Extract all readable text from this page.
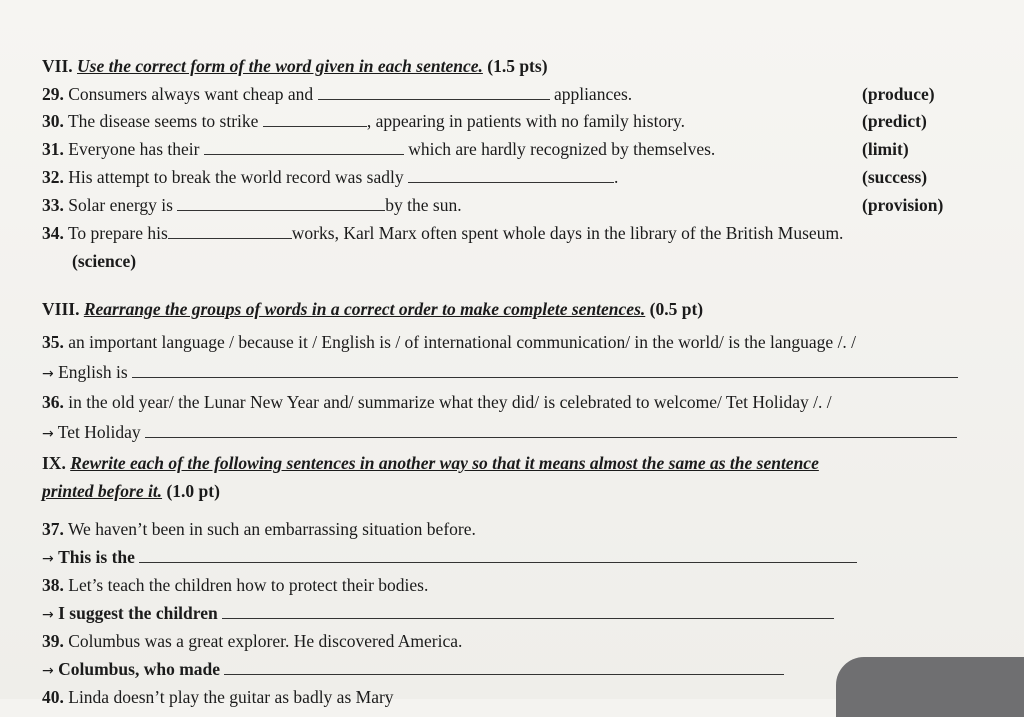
VII. Use the correct form of the word given in each sentence. (1.5 pts)
29. Consumers always want cheap and	appliances.	(produce)
30. The disease seems to strike	, appearing in patients with no family history.	(predict)
31. Everyone has their	which are hardly recognized by themselves.	(limit)
32. His attempt to break the world record was sadly	.	(success)
33. Solar energy is	by the sun.	(provision)
34. To prepare his	works, Karl Marx often spent whole days in the library of the British Museum.
(science)
VIII. Rearrange the groups of words in a correct order to make complete sentences. (0.5 pt)
35. an important language / because it / English is / of international communication/ in the world/ is the language /. /
→ English is
36. in the old year/ the Lunar New Year and/ summarize what they did/ is celebrated to welcome/ Tet Holiday /. /
→ Tet Holiday
IX. Rewrite each of the following sentences in another way so that it means almost the same as the sentence
printed before it. (1.0 pt)
37. We haven’t been in such an embarrassing situation before.
→ This is the
38. Let’s teach the children how to protect their bodies.
→ I suggest the children
39. Columbus was a great explorer. He discovered America.
→ Columbus, who made
40. Linda doesn’t play the guitar as badly as Mary
